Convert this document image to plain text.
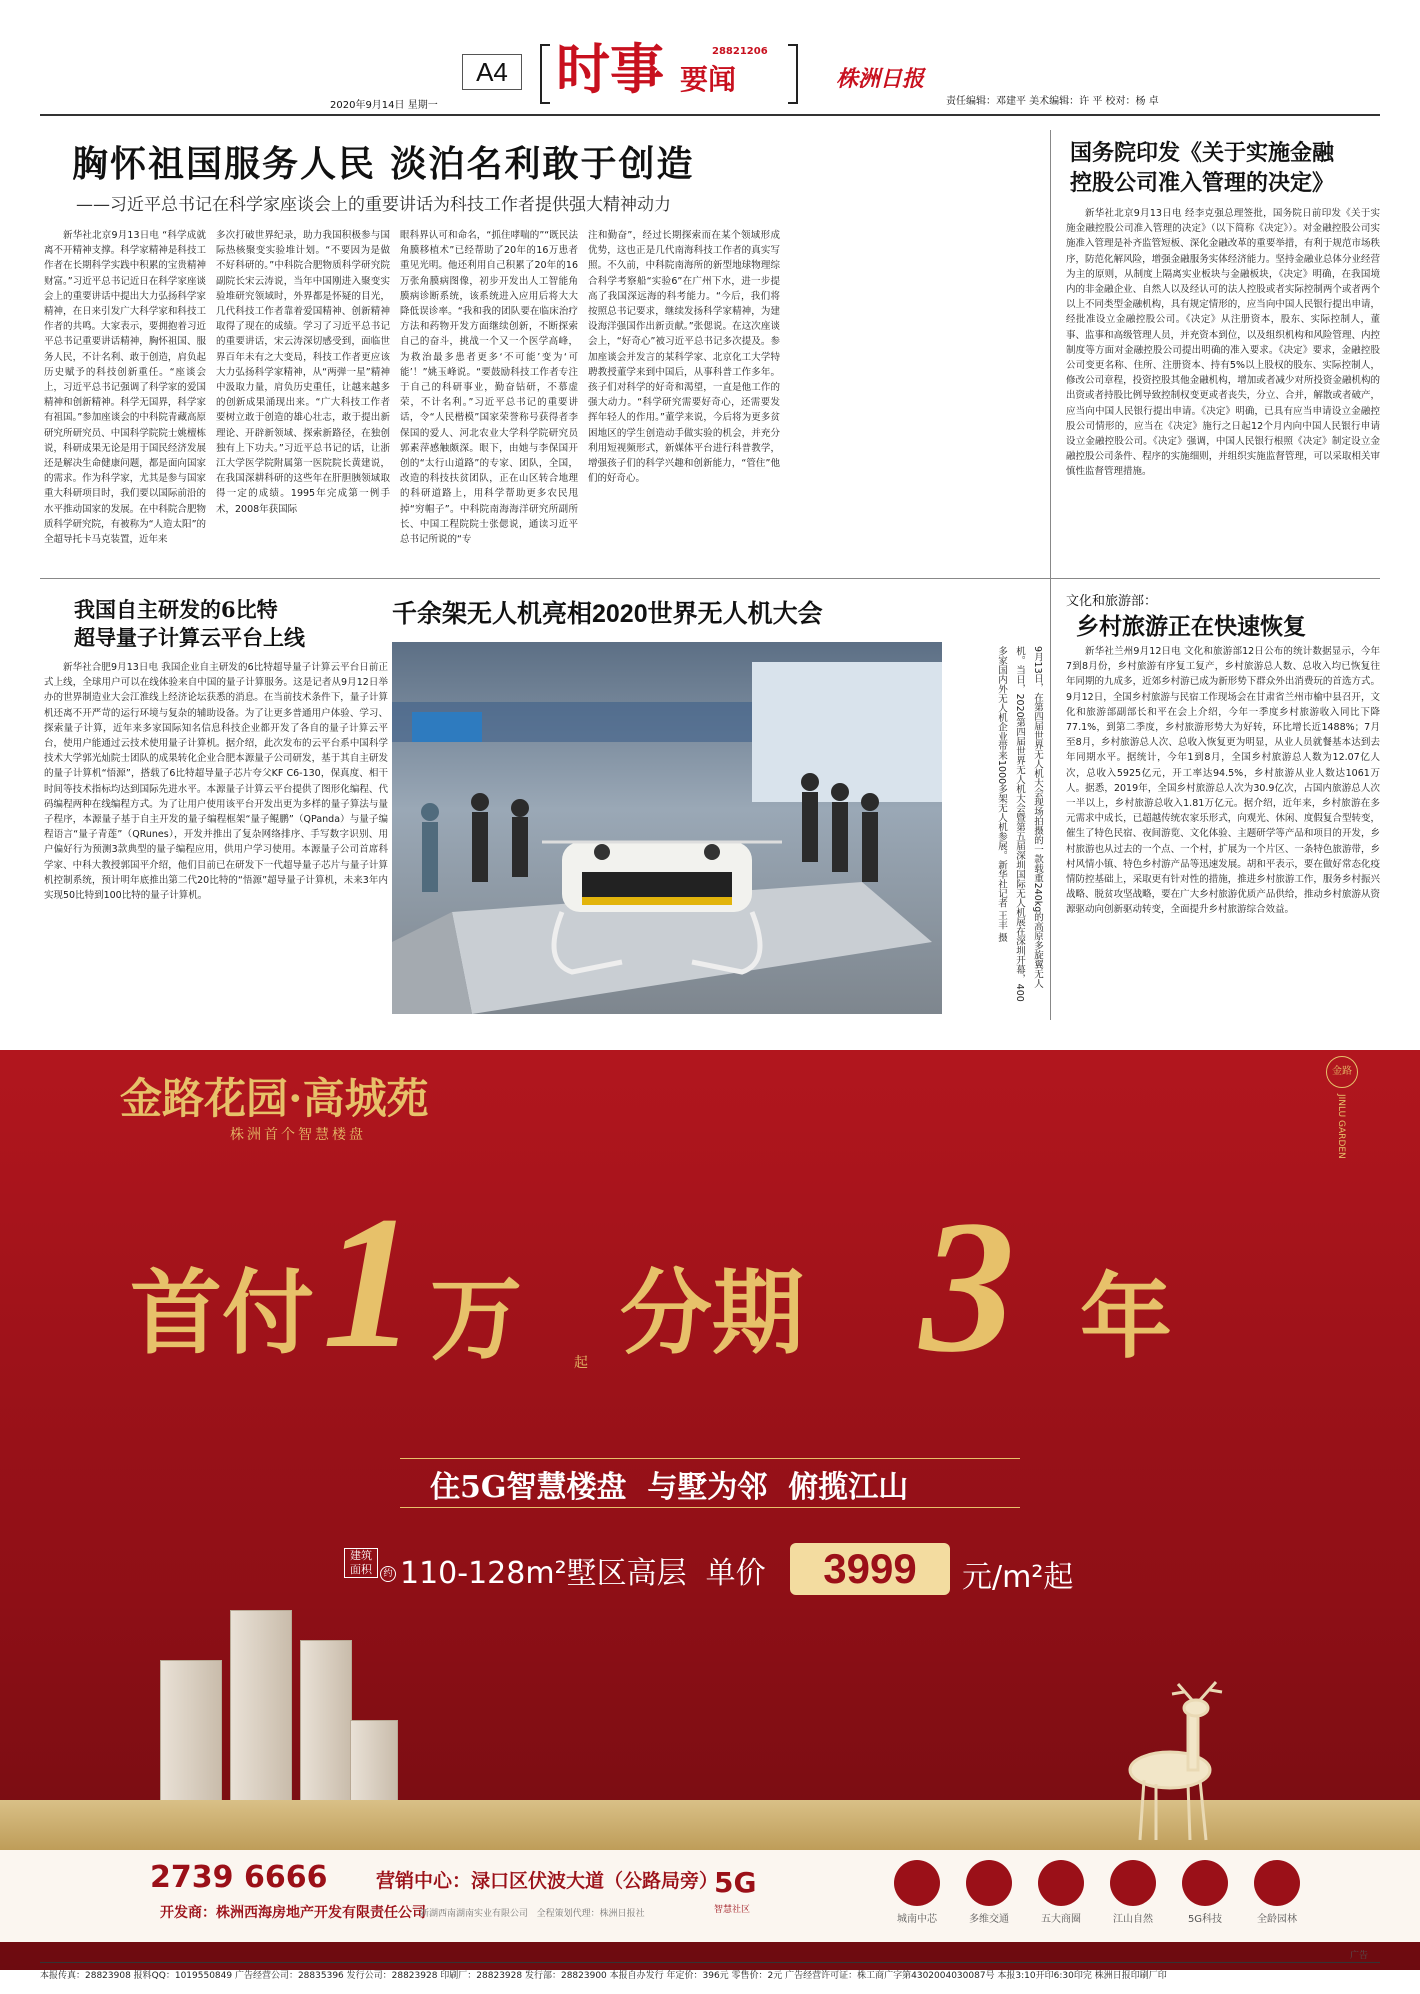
A4
2020年9月14日 星期一
时事 要闻
28821206
株洲日报
责任编辑：邓建平 美术编辑：许 平 校对：杨 卓
胸怀祖国服务人民 淡泊名利敢于创造
——习近平总书记在科学家座谈会上的重要讲话为科技工作者提供强大精神动力

新华社北京9月13日电 “科学成就离不开精神支撑。科学家精神是科技工作者在长期科学实践中积累的宝贵精神财富。”习近平总书记近日在科学家座谈会上的重要讲话中提出大力弘扬科学家精神，在日来引发广大科学家和科技工作者的共鸣。大家表示，要拥抱着习近平总书记重要讲话精神，胸怀祖国、服务人民，不计名利、敢于创造，肩负起历史赋予的科技创新重任。“座谈会上，习近平总书记强调了科学家的爱国精神和创新精神。科学无国界，科学家有祖国。”参加座谈会的中科院青藏高原研究所研究员、中国科学院院士姚檀栋说，科研成果无论是用于国民经济发展还是解决生命健康问题，都是面向国家的需求。作为科学家，尤其是参与国家重大科研项目时，我们要以国际前沿的水平推动国家的发展。在中科院合肥物质科学研究院，有被称为“人造太阳”的全超导托卡马克装置，近年来

多次打破世界纪录，助力我国积极参与国际热核聚变实验堆计划。“不要因为是做不好科研的。”中科院合肥物质科学研究院副院长宋云涛说，当年中国刚进入聚变实验堆研究领域时，外界都是怀疑的目光，几代科技工作者靠着爱国精神、创新精神取得了现在的成绩。学习了习近平总书记的重要讲话，宋云涛深切感受到，面临世界百年未有之大变局，科技工作者更应该大力弘扬科学家精神，从“两弹一星”精神中汲取力量，肩负历史重任，让越来越多的创新成果涌现出来。“广大科技工作者要树立敢于创造的雄心壮志，敢于提出新理论、开辟新领域、探索新路径，在独创独有上下功夫。”习近平总书记的话，让浙江大学医学院附属第一医院院长黄建说，在我国深耕科研的这些年在肝胆胰领域取得一定的成绩。1995年完成第一例手术，2008年获国际

眼科界认可和命名，“抓住哮喘的”“既民法角膜移植术”已经帮助了20年的16万患者重见光明。他还利用自己积累了20年的16万张角膜病图像，初步开发出人工智能角膜病诊断系统，该系统进入应用后将大大降低误诊率。“我和我的团队要在临床治疗方法和药物开发方面继续创新，不断探索自己的奋斗，挑战一个又一个医学高峰，为救治最多患者更多‘不可能’变为‘可能’！”姚玉峰说。“要鼓励科技工作者专注于自己的科研事业，勤奋钻研，不慕虚荣，不计名利。”习近平总书记的重要讲话，令“人民楷模”国家荣誉称号获得者李保国的爱人、河北农业大学科学院研究员郭素萍感触颇深。眼下，由她与李保国开创的“太行山道路”的专家、团队，全国，改造的科技扶贫团队，正在山区转合地理的科研道路上，用科学帮助更多农民甩掉“穷帽子”。中科院南海海洋研究所副所长、中国工程院院士张偲说，通读习近平总书记所说的“专

注和勤奋”，经过长期探索而在某个领域形成优势，这也正是几代南海科技工作者的真实写照。不久前，中科院南海所的新型地球物理综合科学考察船“实验6”在广州下水，进一步提高了我国深远海的科考能力。“今后，我们将按照总书记要求，继续发扬科学家精神，为建设海洋强国作出新贡献。”张偲说。在这次座谈会上，“好奇心”被习近平总书记多次提及。参加座谈会并发言的某科学家、北京化工大学特聘教授董学来到中国后，从事科普工作多年。孩子们对科学的好奇和渴望，一直是他工作的强大动力。“科学研究需要好奇心，还需要发挥年轻人的作用。”董学来说，今后将为更多贫困地区的学生创造动手做实验的机会，并充分利用短视频形式，新媒体平台进行科普教学，增强孩子们的科学兴趣和创新能力，“管住”他们的好奇心。

国务院印发《关于实施金融
控股公司准入管理的决定》

新华社北京9月13日电 经李克强总理签批，国务院日前印发《关于实施金融控股公司准入管理的决定》（以下简称《决定》）。对金融控股公司实施准入管理是补齐监管短板、深化金融改革的重要举措，有利于规范市场秩序，防范化解风险，增强金融服务实体经济能力。坚持金融业总体分业经营为主的原则，从制度上隔离实业板块与金融板块，《决定》明确，在我国境内的非金融企业、自然人以及经认可的法人控股或者实际控制两个或者两个以上不同类型金融机构，具有规定情形的，应当向中国人民银行提出申请，经批准设立金融控股公司。《决定》从注册资本，股东、实际控制人，董事、监事和高级管理人员，并充资本到位，以及组织机构和风险管理、内控制度等方面对金融控股公司提出明确的准入要求。《决定》要求，金融控股公司变更名称、住所、注册资本、持有5%以上股权的股东、实际控制人，修改公司章程，投资控股其他金融机构，增加或者减少对所投资金融机构的出资或者持股比例导致控制权变更或者丧失，分立、合并，解散或者破产，应当向中国人民银行提出申请。《决定》明确，已具有应当申请设立金融控股公司情形的，应当在《决定》施行之日起12个月内向中国人民银行申请设立金融控股公司。《决定》强调，中国人民银行根照《决定》制定设立金融控股公司条件、程序的实施细则，并组织实施监督管理，可以采取相关审慎性监督管理措施。

我国自主研发的6比特
超导量子计算云平台上线

新华社合肥9月13日电 我国企业自主研发的6比特超导量子计算云平台日前正式上线，全球用户可以在线体验来自中国的量子计算服务。这是记者从9月12日举办的世界制造业大会江淮线上经济论坛获悉的消息。在当前技术条件下，量子计算机还离不开严苛的运行环境与复杂的辅助设备。为了让更多普通用户体验、学习、探索量子计算，近年来多家国际知名信息科技企业都开发了各自的量子计算云平台，使用户能通过云技术使用量子计算机。据介绍，此次发布的云平台系中国科学技术大学郭光灿院士团队的成果转化企业合肥本源量子公司研发，基于其自主研发的量子计算机“悟源”，搭载了6比特超导量子芯片夸父KF C6-130，保真度、相干时间等技术指标均达到国际先进水平。本源量子计算云平台提供了图形化编程、代码编程两种在线编程方式。为了让用户使用该平台开发出更为多样的量子算法与量子程序，本源量子基于自主开发的量子编程框架“量子鲲鹏”（QPanda）与量子编程语言“量子青莲”（QRunes），开发并推出了复杂网络排序、手写数字识别、用户偏好行为预测3款典型的量子编程应用，供用户学习使用。本源量子公司首席科学家、中科大教授郭国平介绍，他们目前已在研发下一代超导量子芯片与量子计算机控制系统，预计明年底推出第二代20比特的“悟源”超导量子计算机，未来3年内实现50比特到100比特的量子计算机。

千余架无人机亮相2020世界无人机大会
9月13日，在第四届世界无人机大会现场拍摄的一款载重240kg的高原多旋翼无人机。当日，2020第四届世界无人机大会暨第五届深圳国际无人机展在深圳开幕，400多家国内外无人机企业带来1000多架无人机参展。新华社记者 王丰 摄
文化和旅游部：
乡村旅游正在快速恢复

新华社兰州9月12日电 文化和旅游部12日公布的统计数据显示，今年7到8月份，乡村旅游有序复工复产，乡村旅游总人数、总收入均已恢复往年同期的九成多，近郊乡村游已成为新形势下群众外出消费玩的首选方式。9月12日，全国乡村旅游与民宿工作现场会在甘肃省兰州市榆中县召开，文化和旅游部副部长和平在会上介绍，今年一季度乡村旅游收入同比下降77.1%，到第二季度，乡村旅游形势大为好转，环比增长近1488%；7月至8月，乡村旅游总人次、总收入恢复更为明显，从业人员就餐基本达到去年同期水平。据统计，今年1到8月，全国乡村旅游总人数为12.07亿人次，总收入5925亿元，开工率达94.5%，乡村旅游从业人数达1061万人。据悉，2019年，全国乡村旅游总人次为30.9亿次，占国内旅游总人次一半以上，乡村旅游总收入1.81万亿元。据介绍，近年来，乡村旅游在多元需求中成长，已超越传统农家乐形式，向观光、休闲、度假复合型转变，催生了特色民宿、夜间游览、文化体验、主题研学等产品和项目的开发，乡村旅游也从过去的一个点、一个村，扩展为一个片区、一条特色旅游带，乡村风情小镇、特色乡村游产品等迅速发展。胡和平表示，要在做好常态化疫情防控基础上，采取更有针对性的措施，推进乡村旅游工作，服务乡村振兴战略、脱贫攻坚战略，要在广大乡村旅游优质产品供给，推动乡村旅游从资源驱动向创新驱动转变，全面提升乡村旅游综合效益。

金路花园·高城苑
株洲首个智慧楼盘
金路
JINLU GARDEN
首付 1 万	起 分期 3 年
住5G智慧楼盘  与墅为邻  俯揽江山
建筑面积	约 110-128m²墅区高层  单价	3999	元/m²起
2739 6666	营销中心：渌口区伏波大道（公路局旁）
开发商：株洲西海房地产开发有限责任公司
新湖西南湖南实业有限公司   全程策划代理：株洲日报社
5G
智慧社区
城南中芯	多维交通	五大商圈	江山自然	5G科技	全龄园林
广告
本报传真：28823908 报料QQ：1019550849 广告经营公司：28835396 发行公司：28823928 印刷厂：28823928 发行部：28823900 本报自办发行 年定价：396元 零售价：2元 广告经营许可证：株工商广字第4302004030087号 本报3:10开印6:30印完 株洲日报印刷厂印
